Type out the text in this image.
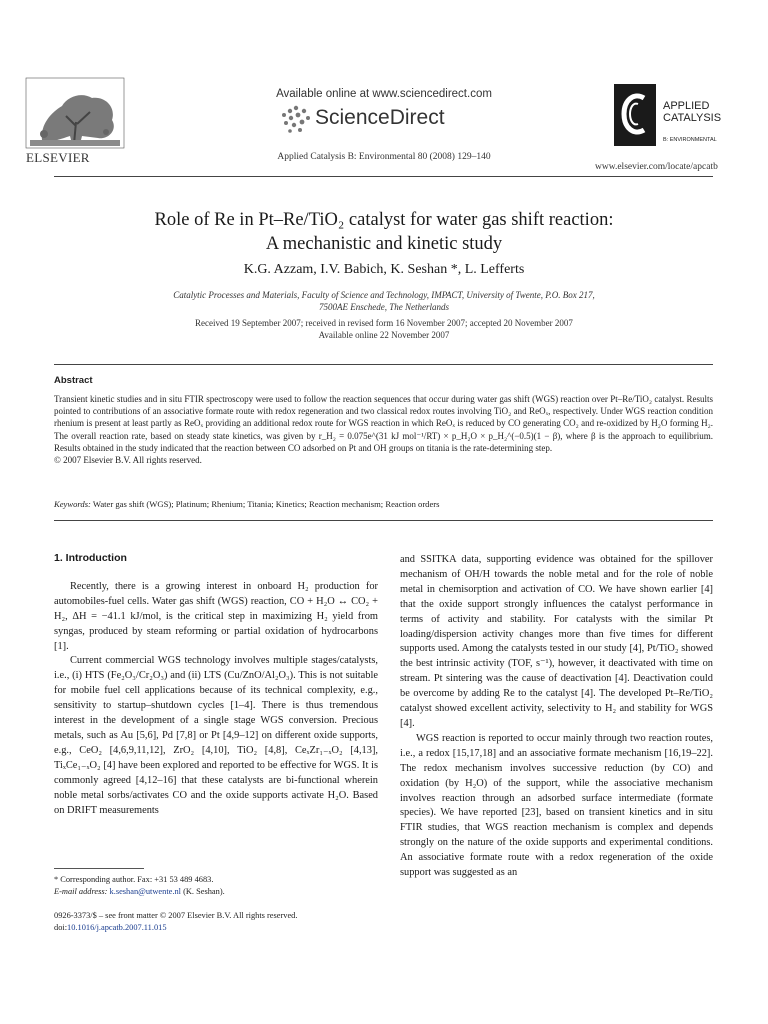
ELSEVIER
Available online at www.sciencedirect.com
ScienceDirect
Applied Catalysis B: Environmental 80 (2008) 129–140
APPLIED
CATALYSIS
B: ENVIRONMENTAL
www.elsevier.com/locate/apcatb
Role of Re in Pt–Re/TiO₂ catalyst for water gas shift reaction:
A mechanistic and kinetic study
K.G. Azzam, I.V. Babich, K. Seshan *, L. Lefferts
Catalytic Processes and Materials, Faculty of Science and Technology, IMPACT, University of Twente, P.O. Box 217,
7500AE Enschede, The Netherlands
Received 19 September 2007; received in revised form 16 November 2007; accepted 20 November 2007
Available online 22 November 2007
Abstract
Transient kinetic studies and in situ FTIR spectroscopy were used to follow the reaction sequences that occur during water gas shift (WGS) reaction over Pt–Re/TiO₂ catalyst. Results pointed to contributions of an associative formate route with redox regeneration and two classical redox routes involving TiO₂ and ReOₓ, respectively. Under WGS reaction condition rhenium is present at least partly as ReOₓ providing an additional redox route for WGS reaction in which ReOₓ is reduced by CO generating CO₂ and re-oxidized by H₂O forming H₂. The overall reaction rate, based on steady state kinetics, was given by r_H₂ = 0.075e^(31 kJ mol⁻¹/RT) × p_H₂O × p_H₂^(−0.5)(1 − β), where β is the approach to equilibrium. Results obtained in the study indicated that the reaction between CO adsorbed on Pt and OH groups on titania is the rate-determining step.
© 2007 Elsevier B.V. All rights reserved.
Keywords: Water gas shift (WGS); Platinum; Rhenium; Titania; Kinetics; Reaction mechanism; Reaction orders
1. Introduction

Recently, there is a growing interest in onboard H₂ production for automobiles-fuel cells. Water gas shift (WGS) reaction, CO + H₂O ↔ CO₂ + H₂, ΔH = −41.1 kJ/mol, is the critical step in maximizing H₂ yield from syngas, produced by steam reforming or partial oxidation of hydrocarbons [1].

Current commercial WGS technology involves multiple stages/catalysts, i.e., (i) HTS (Fe₂O₃/Cr₂O₃) and (ii) LTS (Cu/ZnO/Al₂O₃). This is not suitable for mobile fuel cell applications because of its technical complexity, e.g., sensitivity to startup–shutdown cycles [1–4]. There is thus tremendous interest in the development of a single stage WGS conversion. Precious metals, such as Au [5,6], Pd [7,8] or Pt [4,9–12] on different oxide supports, e.g., CeO₂ [4,6,9,11,12], ZrO₂ [4,10], TiO₂ [4,8], CeₓZr₁₋ₓO₂ [4,13], TiₓCe₁₋ₓO₂ [4] have been explored and reported to be effective for WGS. It is commonly agreed [4,12–16] that these catalysts are bi-functional wherein noble metal sorbs/activates CO and the oxide supports activate H₂O. Based on DRIFT measurements

and SSITKA data, supporting evidence was obtained for the spillover mechanism of OH/H towards the noble metal and for the role of noble metal in chemisorption and activation of CO. We have shown earlier [4] that the oxide support strongly influences the catalyst performance in terms of activity and stability. For catalysts with the similar Pt loading/dispersion activity changes more than five times for different supports used. Among the catalysts tested in our study [4], Pt/TiO₂ showed the best intrinsic activity (TOF, s⁻¹), however, it deactivated with time on stream. Pt sintering was the cause of deactivation [4]. Deactivation could be overcome by adding Re to the catalyst [4]. The developed Pt–Re/TiO₂ catalyst showed excellent activity, selectivity to H₂ and stability for WGS [4].

WGS reaction is reported to occur mainly through two reaction routes, i.e., a redox [15,17,18] and an associative formate mechanism [16,19–22]. The redox mechanism involves successive reduction (by CO) and oxidation (by H₂O) of the support, while the associative mechanism involves reaction through an adsorbed surface intermediate (formate species). We have reported [23], based on transient kinetics and in situ FTIR studies, that WGS reaction mechanism is complex and depends strongly on the nature of the oxide supports and experimental conditions. An associative formate route with a redox regeneration of the oxide support was suggested as an

* Corresponding author. Fax: +31 53 489 4683.
E-mail address: k.seshan@utwente.nl (K. Seshan).
0926-3373/$ – see front matter © 2007 Elsevier B.V. All rights reserved.
doi:10.1016/j.apcatb.2007.11.015
